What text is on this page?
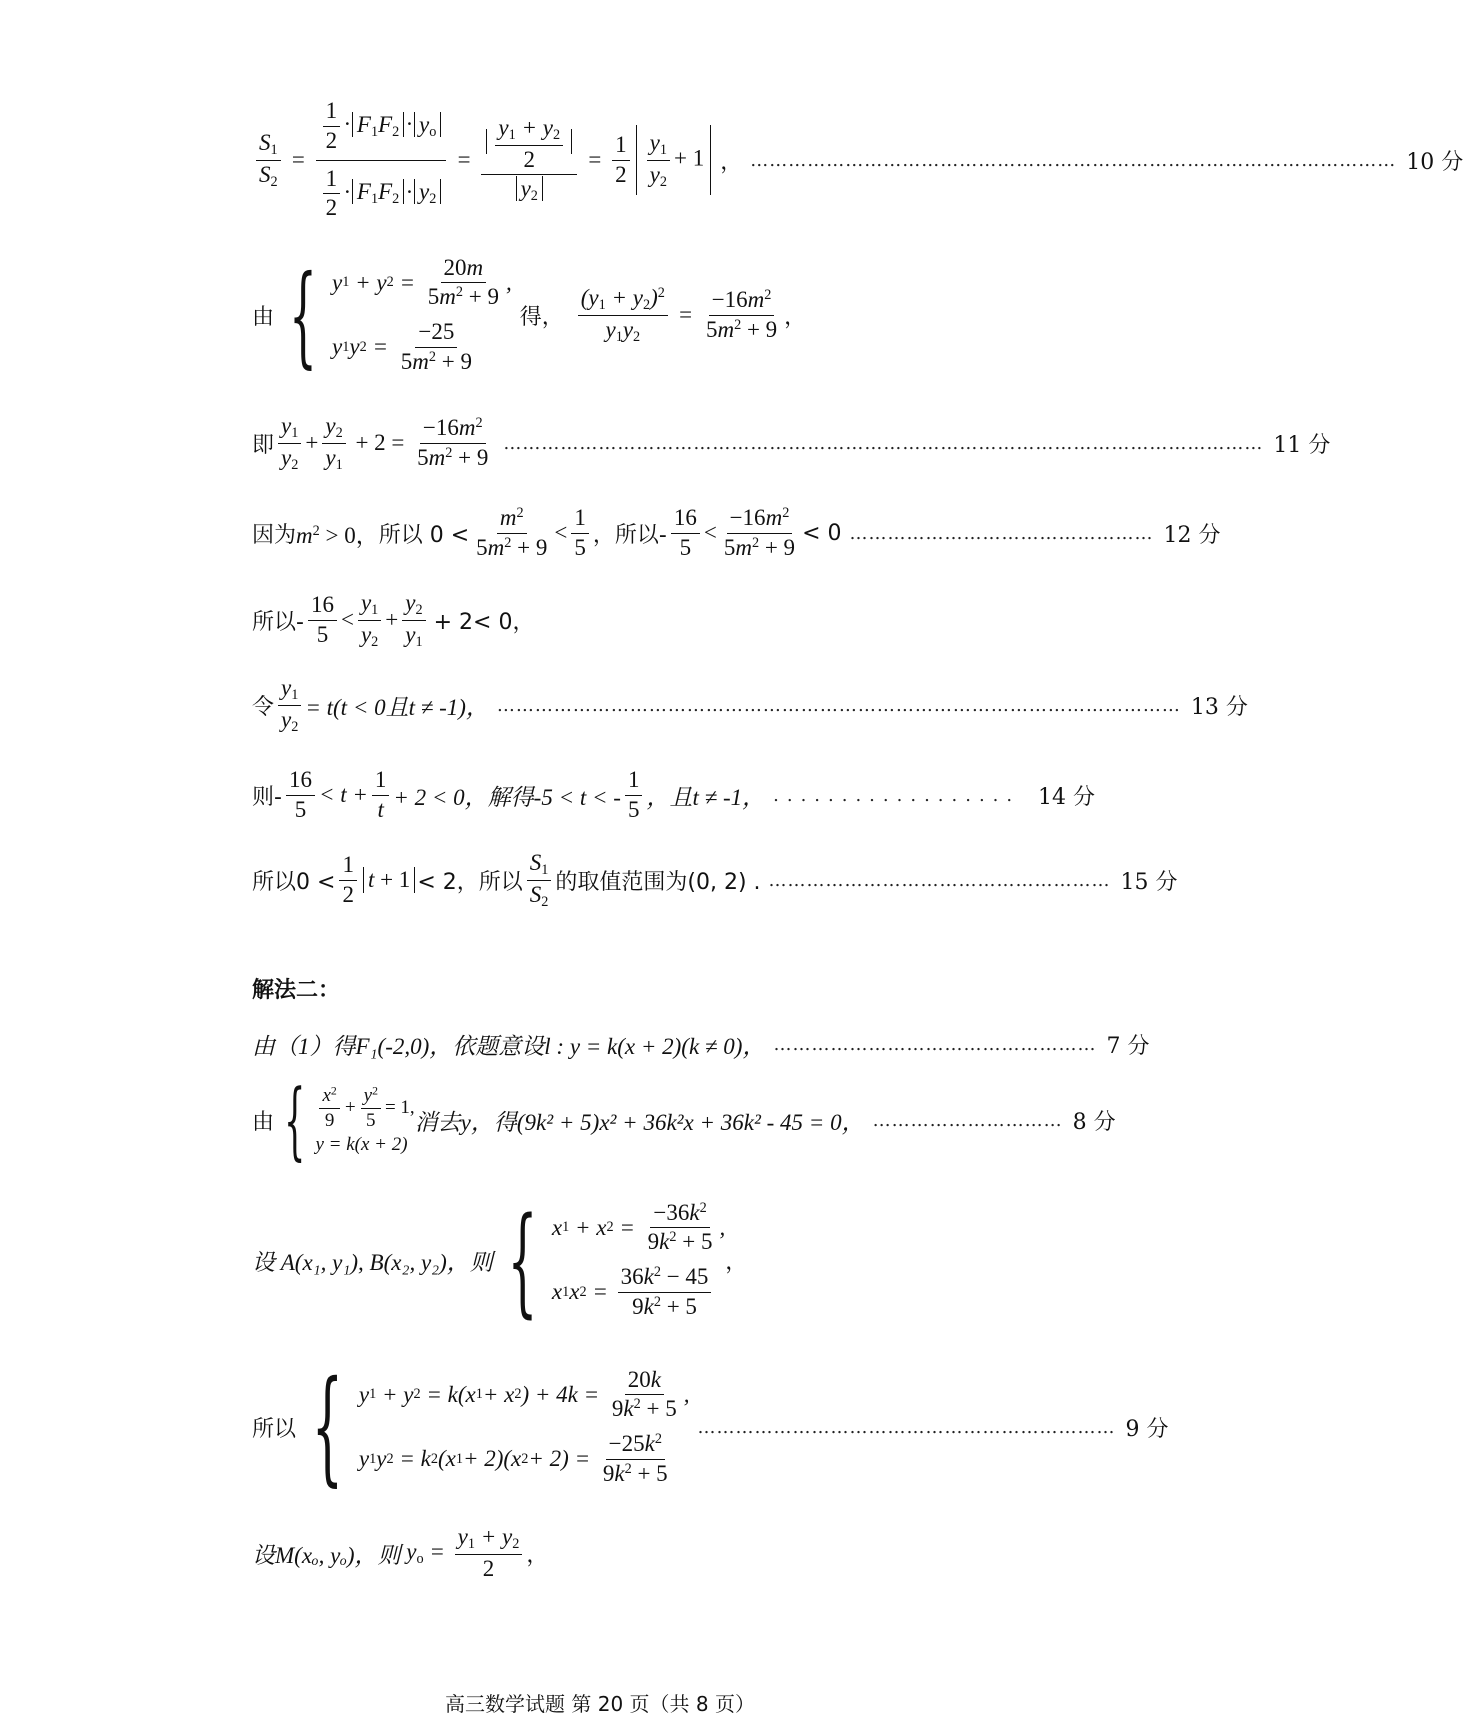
$\frac{S_1}{S_2} = \frac{\frac{1}{2} \cdot F_1F_2 \cdot y_o}{\frac{1}{2} \cdot F_1F_2 \cdot y_2} = \frac{\frac{y_1 + y_2}{2}}{y_2} = \frac{1}{2} \frac{y_1}{y_2} + 1$ ， ………………………………………………………………………………………… 10 分
由 { y 1 + y $2 = \frac{20m}{5m^2 + 9}$ ,
y 1 y $2 = \frac{-25}{5m^2 + 9}$
得， $\frac{(y_1 + y_2)^2}{y_1y_2} = \frac{-16m^2}{5m^2 + 9}$ ，
即 $\frac{y_1}{y_2} + \frac{y_2}{y_1} + 2 = \frac{-16m^2}{5m^2 + 9}$ ………………………………………………………………………………………………………… 11 分
因为 $m^2 > 0$， 所以 $0 < \frac{m^2}{5m^2 + 9} < \frac{1}{5}$ ，所以- $\frac{16}{5} < \frac{-16m^2}{5m^2 + 9} < 0$ ………………………………………… 12 分
所以- $\frac{16}{5} < \frac{y_1}{y_2} + \frac{y_2}{y_1} + 2< 0$，
令 $\frac{y_1}{y_2} = t(t < 0$且t ≠ -1)， ……………………………………………………………………………………………… 13 分
则- $\frac{16}{5} < t + \frac{1}{t} + 2 < 0$，解得-5 < t < - $\frac{1}{5}$ ，且t ≠ -1， .................. 14 分
所以$0 < \frac{1}{2}$ t + 1 < 2，所以 $\frac{S_1}{S_2}$ 的取值范围为(0, 2) . ……………………………………………… 15 分
解法二：
由（1）得F₁(-2,0)，依题意设l : y = k(x + 2)(k ≠ 0)， …………………………………………… 7 分
由 { $\frac{x^2}{9} + \frac{y^2}{5} = 1$,
y = k(x + 2)
消去y，得(9k² + 5)x² + 36k²x + 36k² - 45 = 0， ………………………… 8 分
设 A(x₁, y₁), B(x₂, y₂)，则 { x 1 + x $2 = \frac{-36k^2}{9k^2 + 5}$ ,
x 1 x $2 = \frac{36k^2 - 45}{9k^2 + 5}$
，
所以 { y 1 + y 2 = k(x 1 + x 2 ) + $4k = \frac{20k}{9k^2 + 5}$ ,
y 1 y 2 = k 2 (x 1 + 2)(x $2 + 2) = \frac{-25k^2}{9k^2 + 5}$
………………………………………………………… 9 分
设M(xₒ, yₒ)，则 $y_o = \frac{y_1 + y_2}{2}$ ，
高三数学试题 第 20 页（共 8 页）
